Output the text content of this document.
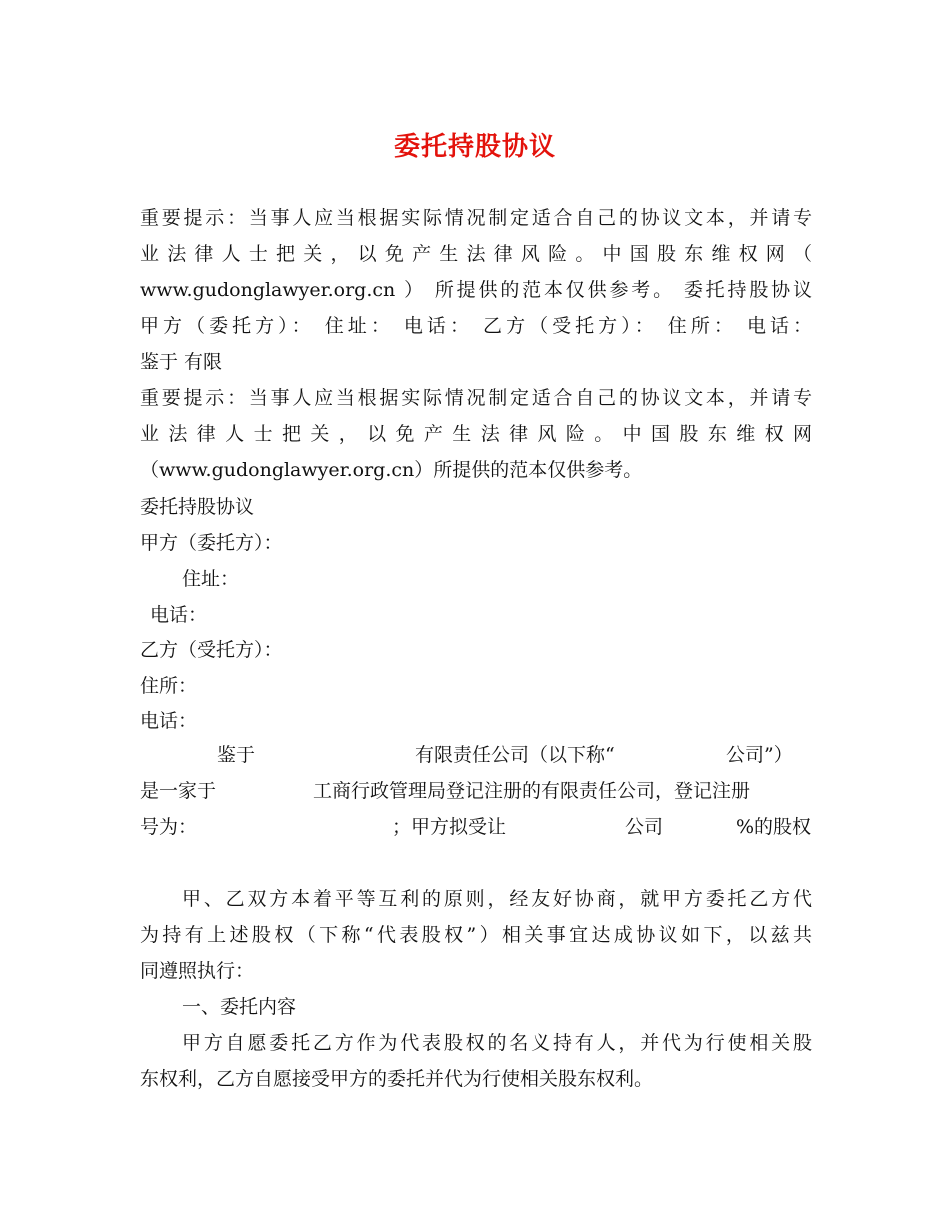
委托持股协议
重要提示：当事人应当根据实际情况制定适合自己的协议文本，并请专
业 法 律 人 士 把 关 ， 以 免 产 生 法 律 风 险 。 中 国 股 东 维 权 网 （
www.gudonglawyer.org.cn ） 所提供的范本仅供参考。 委托持股协议
甲方（委托方）： 住址： 电话： 乙方（受托方）： 住所： 电话：
鉴于 有限
重要提示：当事人应当根据实际情况制定适合自己的协议文本，并请专
业 法 律 人 士 把 关 ， 以 免 产 生 法 律 风 险 。 中 国 股 东 维 权 网
（www.gudonglawyer.org.cn）所提供的范本仅供参考。
委托持股协议
甲方（委托方）：
住址：
电话：
乙方（受托方）：
住所：
电话：
鉴于	有限责任公司（以下称“	公司”）
是一家于	工商行政管理局登记注册的有限责任公司，登记注册
号为：	；甲方拟受让	公司	%的股权
甲、乙双方本着平等互利的原则，经友好协商，就甲方委托乙方代
为持有上述股权（下称“代表股权”）相关事宜达成协议如下，以兹共
同遵照执行：
一、委托内容
甲方自愿委托乙方作为代表股权的名义持有人，并代为行使相关股
东权利，乙方自愿接受甲方的委托并代为行使相关股东权利。
